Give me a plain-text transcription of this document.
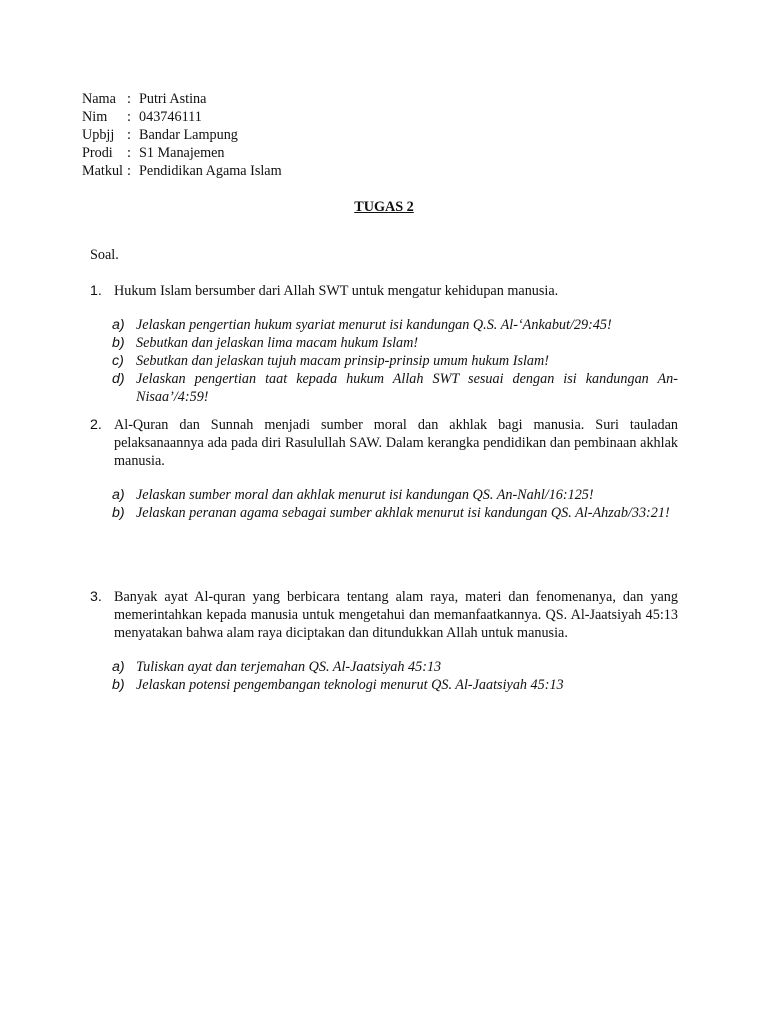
Nama : Putri Astina
Nim	: 043746111
Upbjj : Bandar Lampung
Prodi	: S1 Manajemen
Matkul : Pendidikan Agama Islam
TUGAS 2
Soal.
1. Hukum Islam bersumber dari Allah SWT untuk mengatur kehidupan manusia.
a) Jelaskan pengertian hukum syariat menurut isi kandungan Q.S. Al-‘Ankabut/29:45!
b) Sebutkan dan jelaskan lima macam hukum Islam!
c) Sebutkan dan jelaskan tujuh macam prinsip-prinsip umum hukum Islam!
d) Jelaskan pengertian taat kepada hukum Allah SWT sesuai dengan isi kandungan An-Nisaa’/4:59!
2. Al-Quran dan Sunnah menjadi sumber moral dan akhlak bagi manusia. Suri tauladan pelaksanaannya ada pada diri Rasulullah SAW. Dalam kerangka pendidikan dan pembinaan akhlak manusia.
a) Jelaskan sumber moral dan akhlak menurut isi kandungan QS. An-Nahl/16:125!
b) Jelaskan peranan agama sebagai sumber akhlak menurut isi kandungan QS. Al-Ahzab/33:21!
3. Banyak ayat Al-quran yang berbicara tentang alam raya, materi dan fenomenanya, dan yang memerintahkan kepada manusia untuk mengetahui dan memanfaatkannya. QS. Al-Jaatsiyah 45:13 menyatakan bahwa alam raya diciptakan dan ditundukkan Allah untuk manusia.
a) Tuliskan ayat dan terjemahan QS. Al-Jaatsiyah 45:13
b) Jelaskan potensi pengembangan teknologi menurut QS. Al-Jaatsiyah 45:13
